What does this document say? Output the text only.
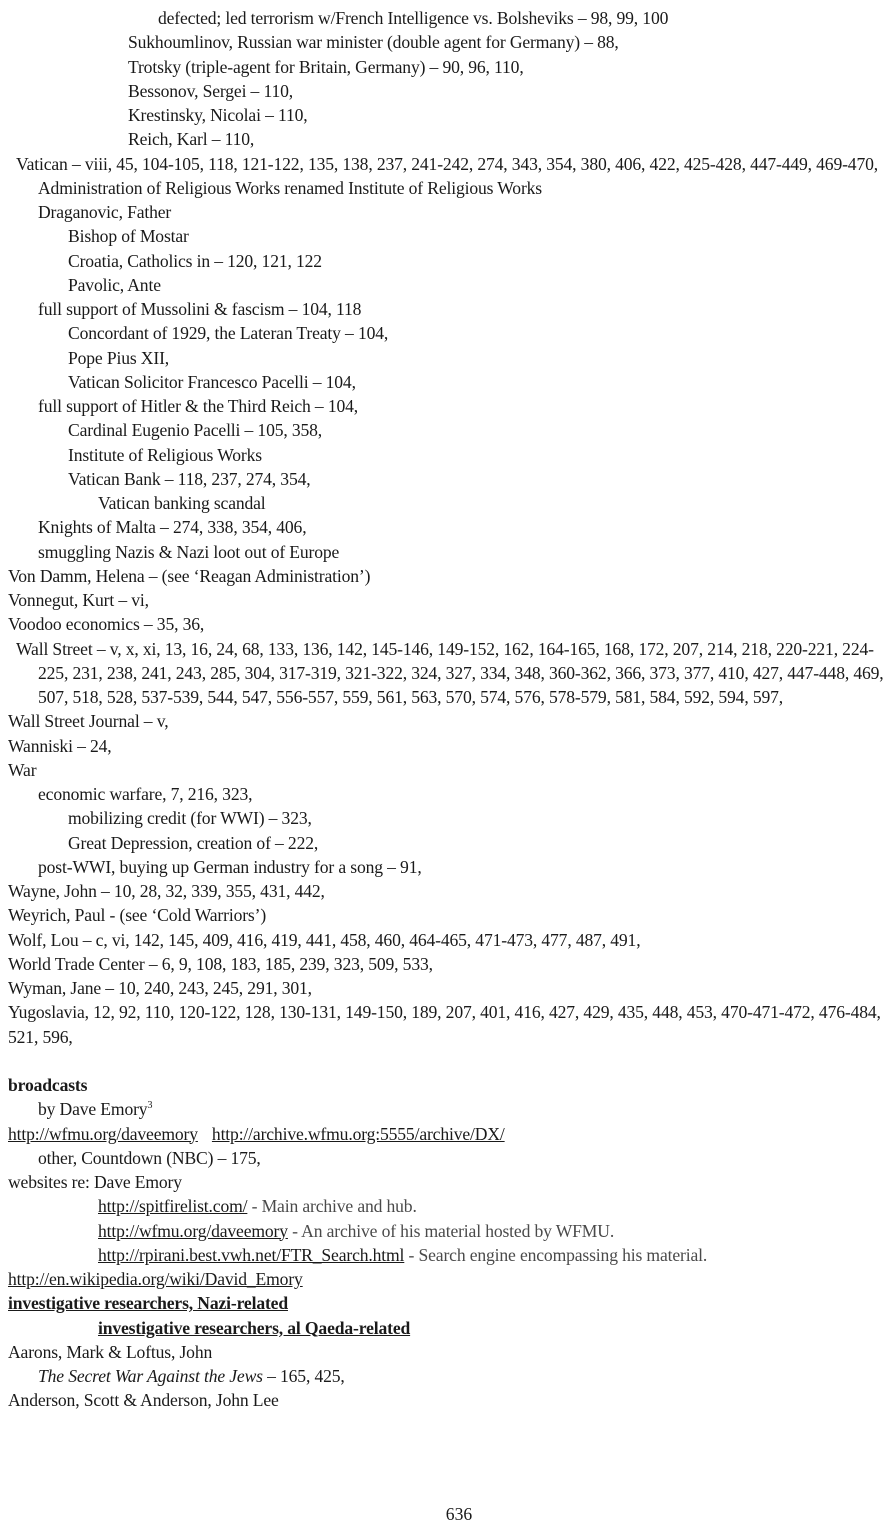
defected; led terrorism w/French Intelligence vs. Bolsheviks – 98, 99, 100
Sukhoumlinov, Russian war minister (double agent for Germany) – 88,
Trotsky (triple-agent for Britain, Germany) – 90, 96, 110,
Bessonov, Sergei – 110,
Krestinsky, Nicolai – 110,
Reich, Karl – 110,
Vatican – viii, 45, 104-105, 118, 121-122, 135, 138, 237, 241-242, 274, 343, 354, 380, 406, 422, 425-428, 447-449, 469-470,
Administration of Religious Works renamed Institute of Religious Works
Draganovic, Father
Bishop of Mostar
Croatia, Catholics in – 120, 121, 122
Pavolic, Ante
full support of Mussolini & fascism – 104, 118
Concordant of 1929, the Lateran Treaty – 104,
Pope Pius XII,
Vatican Solicitor Francesco Pacelli – 104,
full support of Hitler & the Third Reich – 104,
Cardinal Eugenio Pacelli – 105, 358,
Institute of Religious Works
Vatican Bank – 118, 237, 274, 354,
Vatican banking scandal
Knights of Malta – 274, 338, 354, 406,
smuggling Nazis & Nazi loot out of Europe
Von Damm, Helena – (see ‘Reagan Administration’)
Vonnegut, Kurt – vi,
Voodoo economics – 35, 36,
Wall Street – v, x, xi, 13, 16, 24, 68, 133, 136, 142, 145-146, 149-152, 162, 164-165, 168, 172, 207, 214, 218, 220-221, 224-225, 231, 238, 241, 243, 285, 304, 317-319, 321-322, 324, 327, 334, 348, 360-362, 366, 373, 377, 410, 427, 447-448, 469, 507, 518, 528, 537-539, 544, 547, 556-557, 559, 561, 563, 570, 574, 576, 578-579, 581, 584, 592, 594, 597,
Wall Street Journal – v,
Wanniski – 24,
War
economic warfare, 7, 216, 323,
mobilizing credit (for WWI) – 323,
Great Depression, creation of – 222,
post-WWI, buying up German industry for a song – 91,
Wayne, John – 10, 28, 32, 339, 355, 431, 442,
Weyrich, Paul - (see ‘Cold Warriors’)
Wolf, Lou – c, vi, 142, 145, 409, 416, 419, 441, 458, 460, 464-465, 471-473, 477, 487, 491,
World Trade Center – 6, 9, 108, 183, 185, 239, 323, 509, 533,
Wyman, Jane – 10, 240, 243, 245, 291, 301,
Yugoslavia, 12, 92, 110, 120-122, 128, 130-131, 149-150, 189, 207, 401, 416, 427, 429, 435, 448, 453, 470-471-472, 476-484, 521, 596,
broadcasts
by Dave Emory$^3$
http://wfmu.org/daveemory http://archive.wfmu.org:5555/archive/DX/
other, Countdown (NBC) – 175,
websites re: Dave Emory
http://spitfirelist.com/ - Main archive and hub.
http://wfmu.org/daveemory - An archive of his material hosted by WFMU.
http://rpirani.best.vwh.net/FTR_Search.html - Search engine encompassing his material.
http://en.wikipedia.org/wiki/David_Emory
investigative researchers, Nazi-related
investigative researchers, al Qaeda-related
Aarons, Mark & Loftus, John
The Secret War Against the Jews – 165, 425,
Anderson, Scott & Anderson, John Lee
636
